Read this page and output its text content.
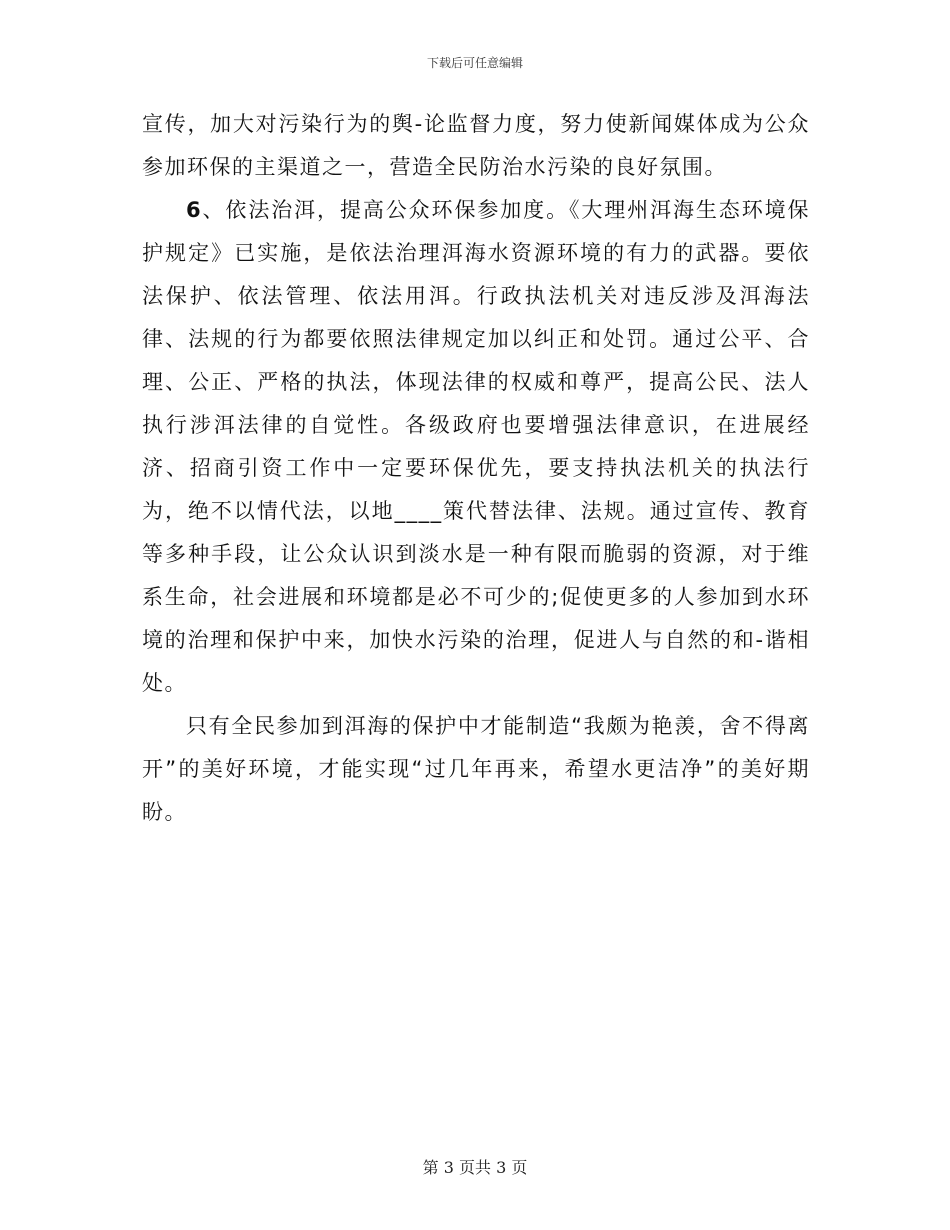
下载后可任意编辑

宣传，加大对污染行为的舆-论监督力度，努力使新闻媒体成为公众参加环保的主渠道之一，营造全民防治水污染的良好氛围。

6、依法治洱，提高公众环保参加度。《大理州洱海生态环境保护规定》已实施，是依法治理洱海水资源环境的有力的武器。要依法保护、依法管理、依法用洱。行政执法机关对违反涉及洱海法律、法规的行为都要依照法律规定加以纠正和处罚。通过公平、合理、公正、严格的执法，体现法律的权威和尊严，提高公民、法人执行涉洱法律的自觉性。各级政府也要增强法律意识，在进展经济、招商引资工作中一定要环保优先，要支持执法机关的执法行为，绝不以情代法，以地____策代替法律、法规。通过宣传、教育等多种手段，让公众认识到淡水是一种有限而脆弱的资源，对于维系生命，社会进展和环境都是必不可少的;促使更多的人参加到水环境的治理和保护中来，加快水污染的治理，促进人与自然的和-谐相处。

只有全民参加到洱海的保护中才能制造“我颇为艳羡，舍不得离开”的美好环境，才能实现“过几年再来，希望水更洁净”的美好期盼。

第 3 页共 3 页
